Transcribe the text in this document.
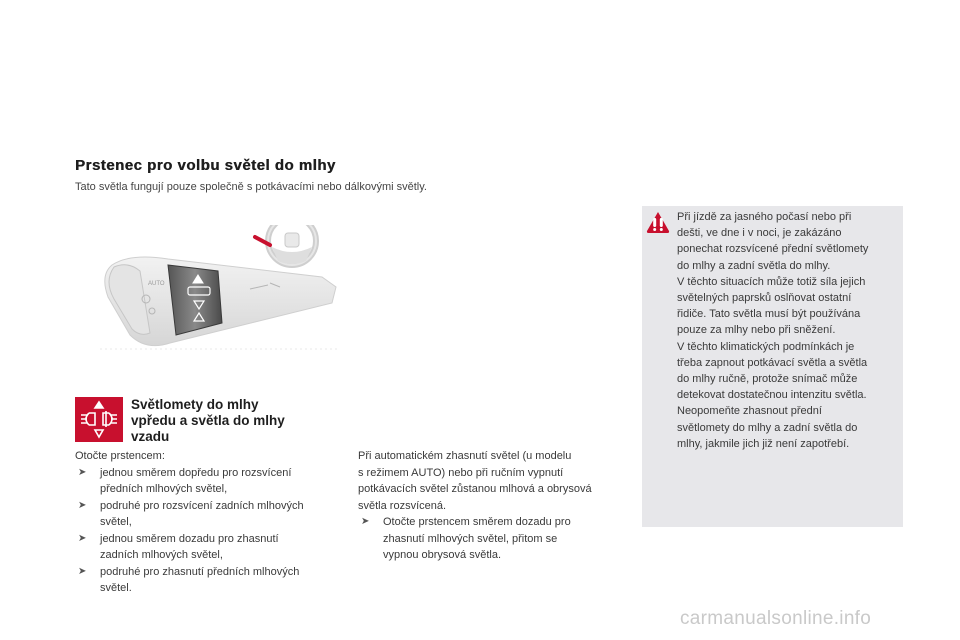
Prstenec pro volbu světel do mlhy
Tato světla fungují pouze společně s potkávacími nebo dálkovými světly.
AUTO
Světlomety do mlhy
vpředu a světla do mlhy
vzadu
Otočte prstencem:
➤ jednou směrem dopředu pro rozsvícení
předních mlhových světel,
➤ podruhé pro rozsvícení zadních mlhových
světel,
➤ jednou směrem dozadu pro zhasnutí
zadních mlhových světel,
➤ podruhé pro zhasnutí předních mlhových
světel.
Při automatickém zhasnutí světel (u modelu
s režimem AUTO) nebo při ručním vypnutí
potkávacích světel zůstanou mlhová a obrysová
světla rozsvícená.
➤ Otočte prstencem směrem dozadu pro
zhasnutí mlhových světel, přitom se
vypnou obrysová světla.
Při jízdě za jasného počasí nebo při
dešti, ve dne i v noci, je zakázáno
ponechat rozsvícené přední světlomety
do mlhy a zadní světla do mlhy.
V těchto situacích může totiž síla jejich
světelných paprsků oslňovat ostatní
řidiče. Tato světla musí být používána
pouze za mlhy nebo při sněžení.
V těchto klimatických podmínkách je
třeba zapnout potkávací světla a světla
do mlhy ručně, protože snímač může
detekovat dostatečnou intenzitu světla.
Neopomeňte zhasnout přední
světlomety do mlhy a zadní světla do
mlhy, jakmile jich již není zapotřebí.
carmanualsonline.info
